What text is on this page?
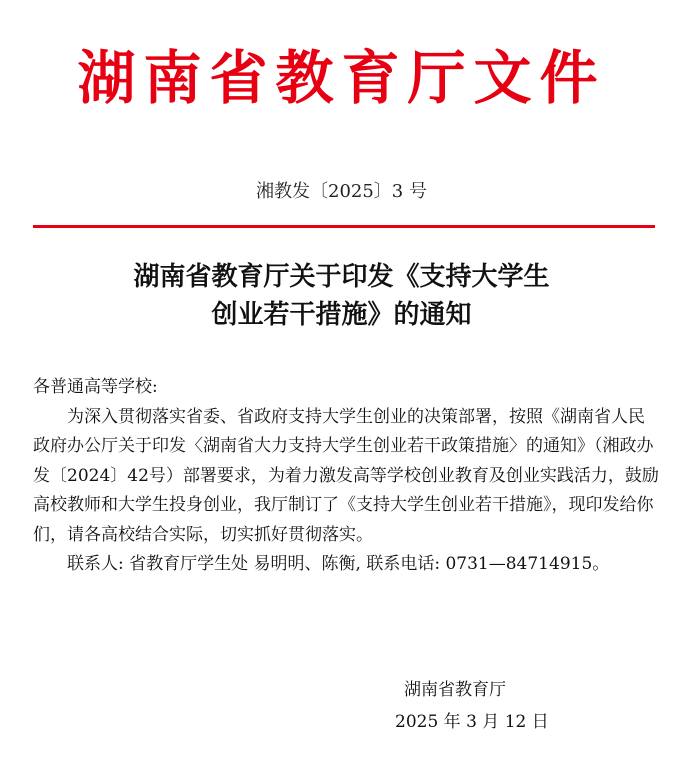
湖南省教育厅文件
湘教发〔2025〕3 号
湖南省教育厅关于印发《支持大学生
创业若干措施》的通知

各普通高等学校:

为深入贯彻落实省委、省政府支持大学生创业的决策部署，按照《湖南省人民政府办公厅关于印发〈湖南省大力支持大学生创业若干政策措施〉的通知》（湘政办发〔2024〕42号）部署要求，为着力激发高等学校创业教育及创业实践活力，鼓励高校教师和大学生投身创业，我厅制订了《支持大学生创业若干措施》，现印发给你们，请各高校结合实际，切实抓好贯彻落实。

联系人: 省教育厅学生处 易明明、陈衡, 联系电话: 0731—84714915。

湖南省教育厅
2025 年 3 月 12 日
